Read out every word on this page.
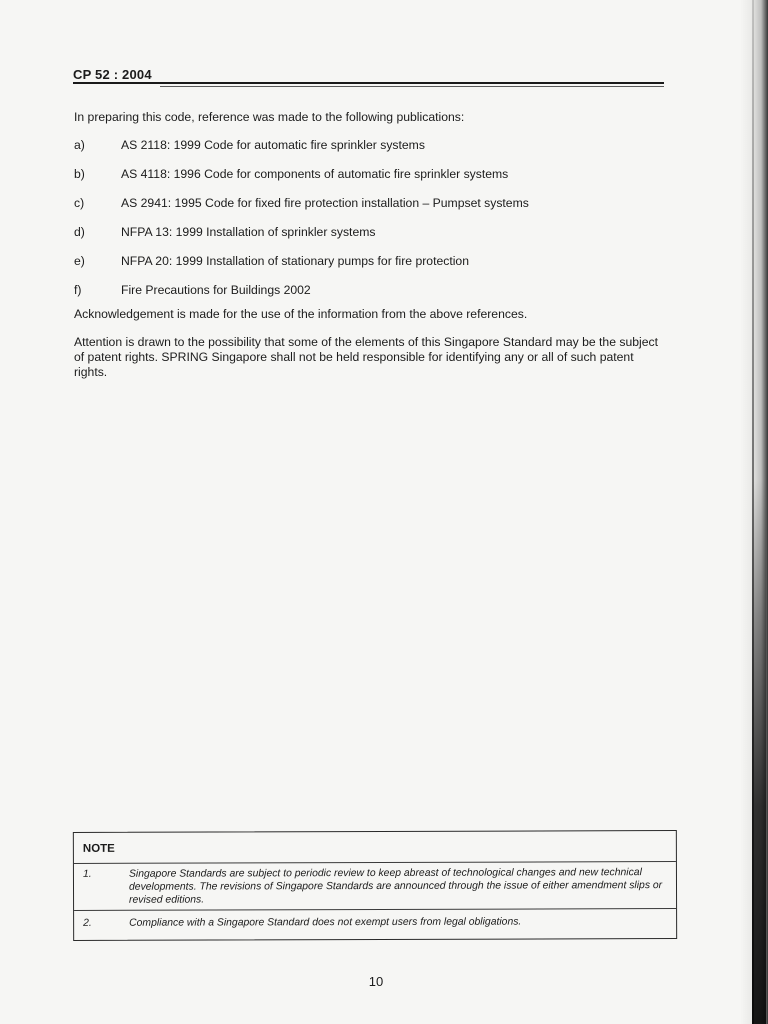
CP 52 : 2004
In preparing this code, reference was made to the following publications:
a)	AS 2118: 1999 Code for automatic fire sprinkler systems
b)	AS 4118: 1996 Code for components of automatic fire sprinkler systems
c)	AS 2941: 1995 Code for fixed fire protection installation – Pumpset systems
d)	NFPA 13: 1999 Installation of sprinkler systems
e)	NFPA 20: 1999 Installation of stationary pumps for fire protection
f)	Fire Precautions for Buildings 2002
Acknowledgement is made for the use of the information from the above references.
Attention is drawn to the possibility that some of the elements of this Singapore Standard may be the subject of patent rights. SPRING Singapore shall not be held responsible for identifying any or all of such patent rights.
NOTE
1.	Singapore Standards are subject to periodic review to keep abreast of technological changes and new technical developments. The revisions of Singapore Standards are announced through the issue of either amendment slips or revised editions.
2.	Compliance with a Singapore Standard does not exempt users from legal obligations.
10
